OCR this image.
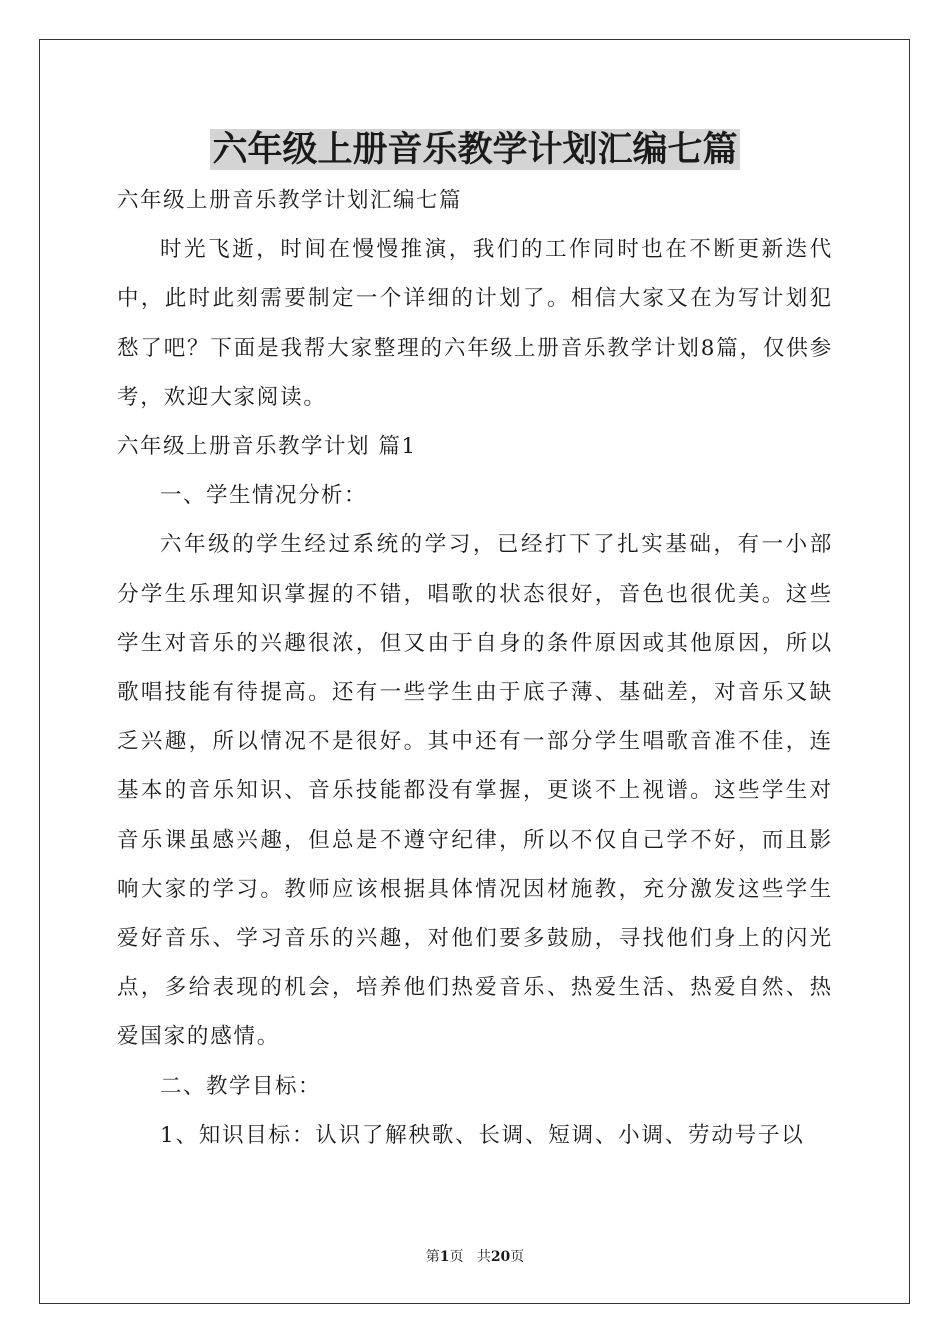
六年级上册音乐教学计划汇编七篇
六年级上册音乐教学计划汇编七篇

时光飞逝，时间在慢慢推演，我们的工作同时也在不断更新迭代中，此时此刻需要制定一个详细的计划了。相信大家又在为写计划犯愁了吧？下面是我帮大家整理的六年级上册音乐教学计划8篇，仅供参考，欢迎大家阅读。

六年级上册音乐教学计划 篇1
一、学生情况分析：

六年级的学生经过系统的学习，已经打下了扎实基础，有一小部分学生乐理知识掌握的不错，唱歌的状态很好，音色也很优美。这些学生对音乐的兴趣很浓，但又由于自身的条件原因或其他原因，所以歌唱技能有待提高。还有一些学生由于底子薄、基础差，对音乐又缺乏兴趣，所以情况不是很好。其中还有一部分学生唱歌音准不佳，连基本的音乐知识、音乐技能都没有掌握，更谈不上视谱。这些学生对音乐课虽感兴趣，但总是不遵守纪律，所以不仅自己学不好，而且影响大家的学习。教师应该根据具体情况因材施教，充分激发这些学生爱好音乐、学习音乐的兴趣，对他们要多鼓励，寻找他们身上的闪光点，多给表现的机会，培养他们热爱音乐、热爱生活、热爱自然、热爱国家的感情。

二、教学目标：

1、知识目标：认识了解秧歌、长调、短调、小调、劳动号子以

第1页 共20页
